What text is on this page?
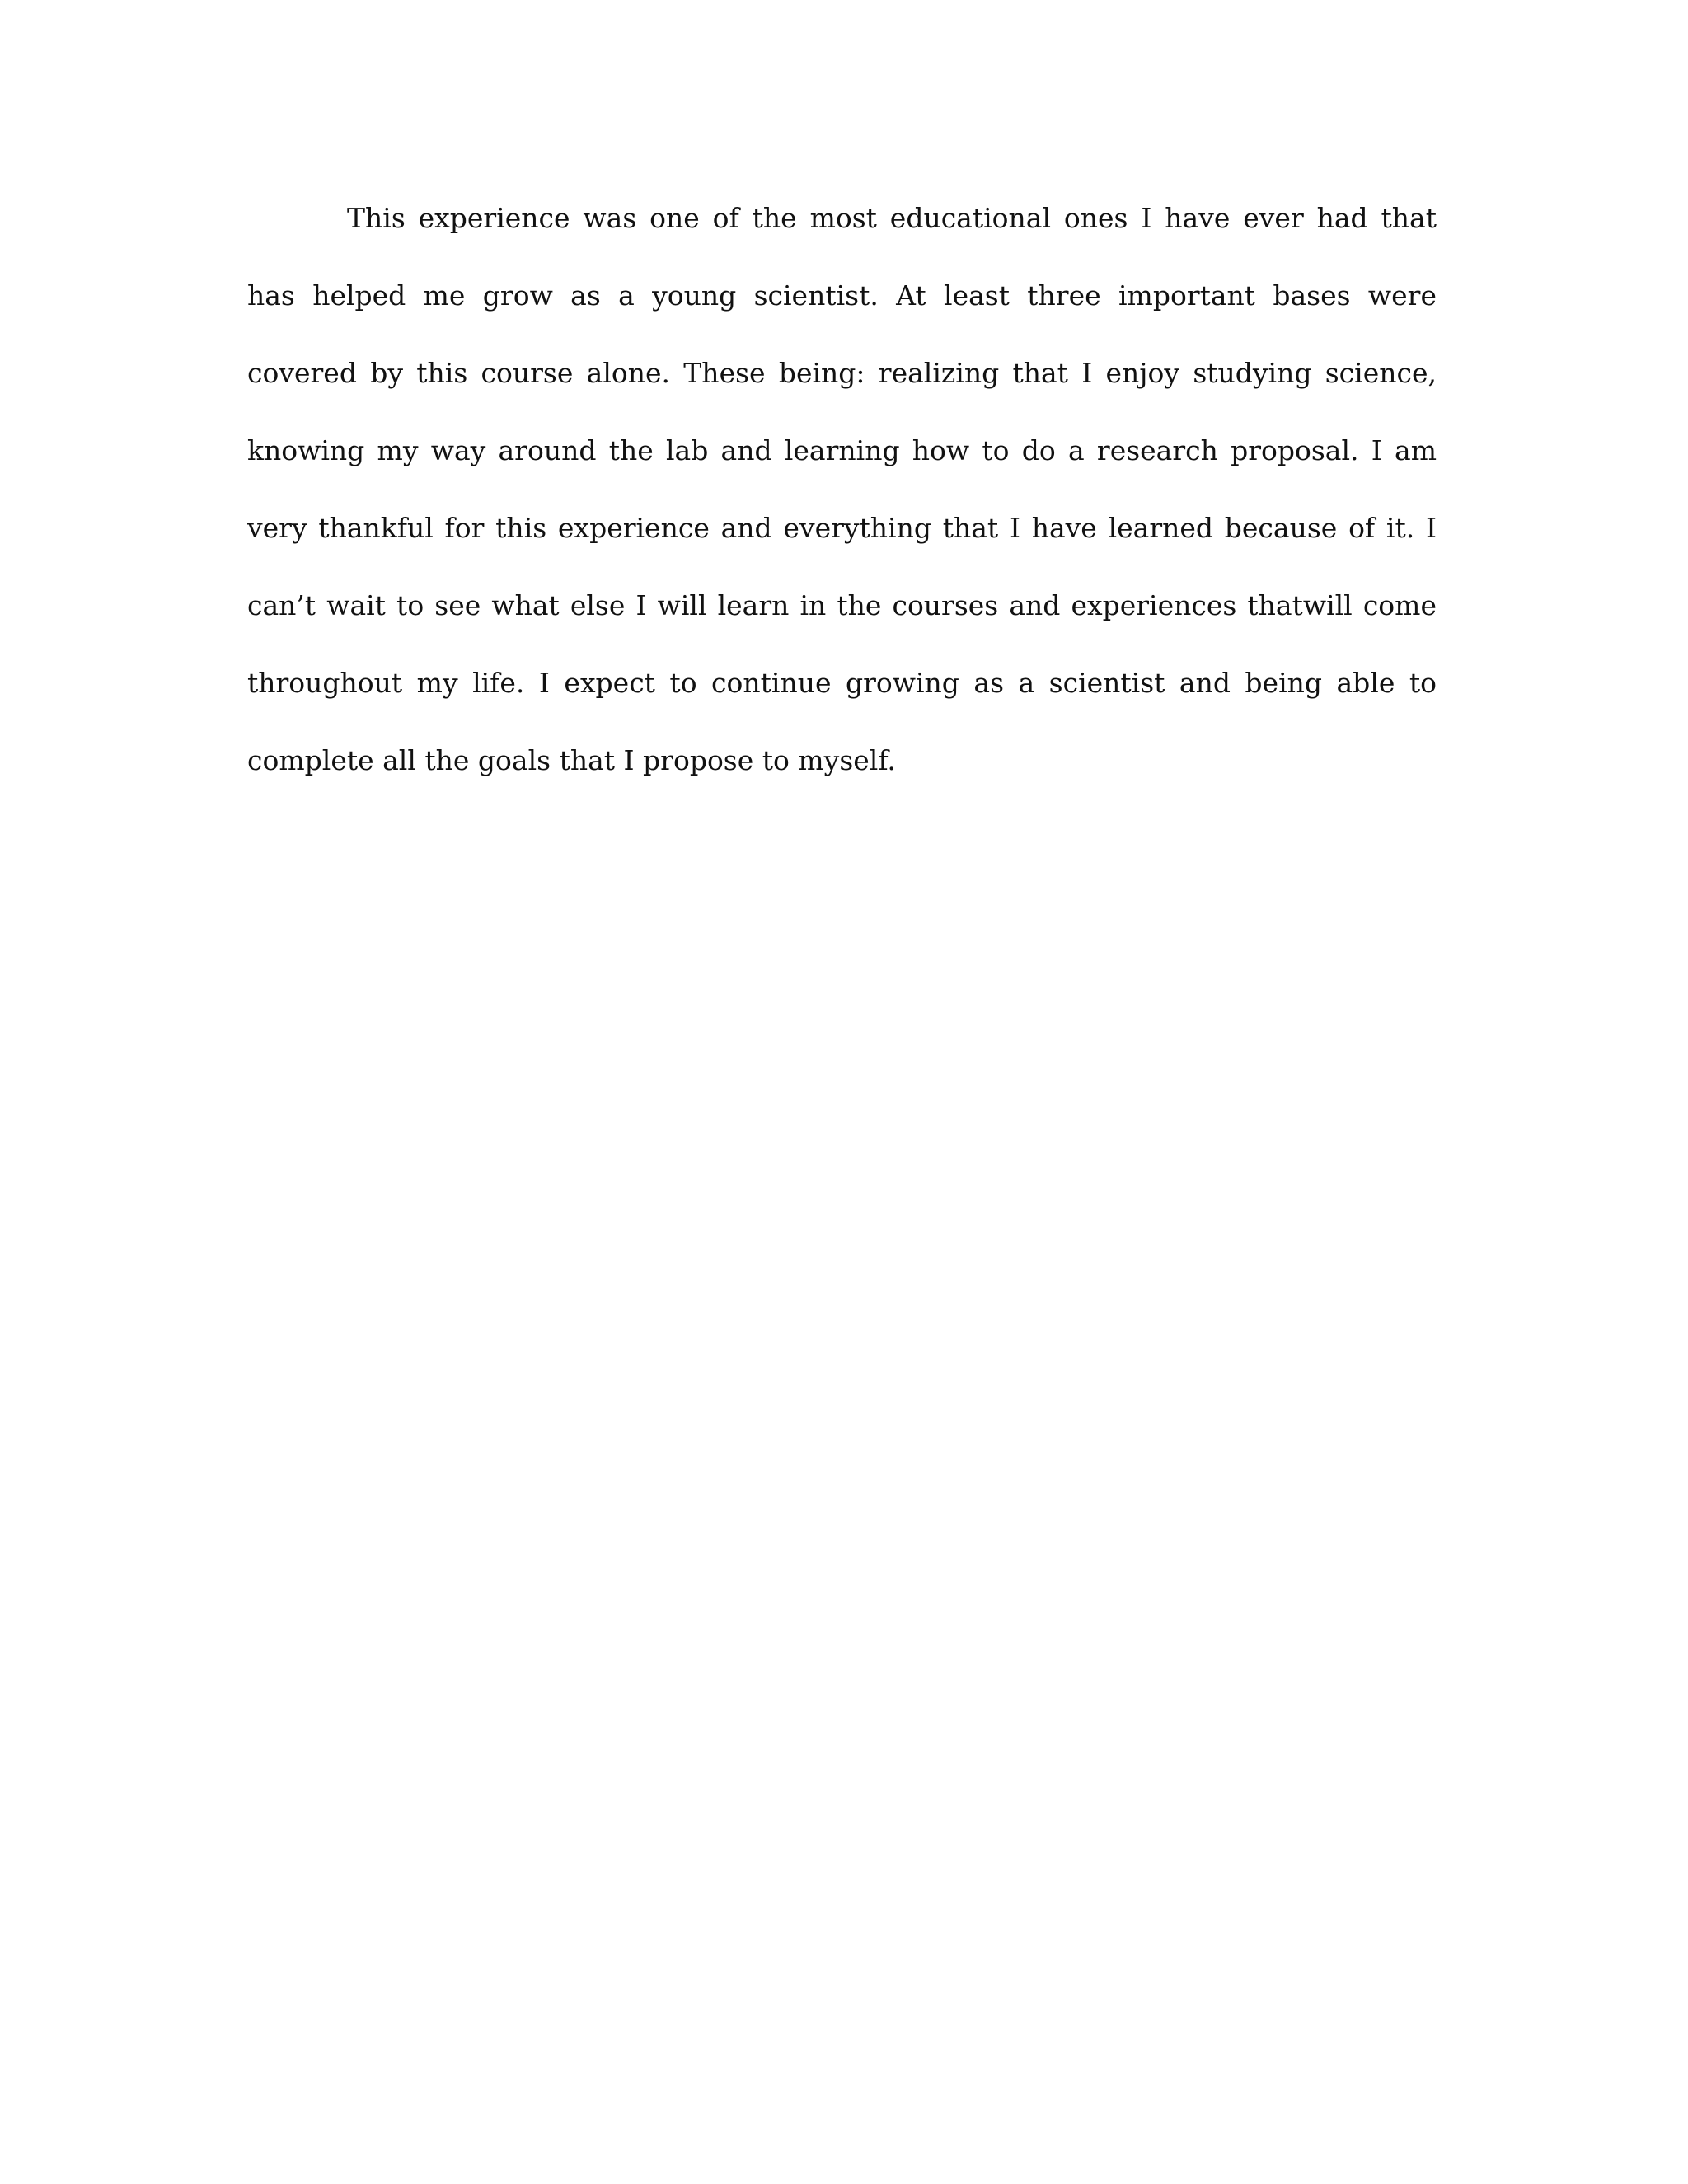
This experience was one of the most educational ones I have ever had that
has helped me grow as a young scientist. At least three important bases were
covered by this course alone. These being: realizing that I enjoy studying science,
knowing my way around the lab and learning how to do a research proposal. I am
very thankful for this experience and everything that I have learned because of it. I
can’t wait to see what else I will learn in the courses and experiences thatwill come
throughout my life. I expect to continue growing as a scientist and being able to
complete all the goals that I propose to myself.
